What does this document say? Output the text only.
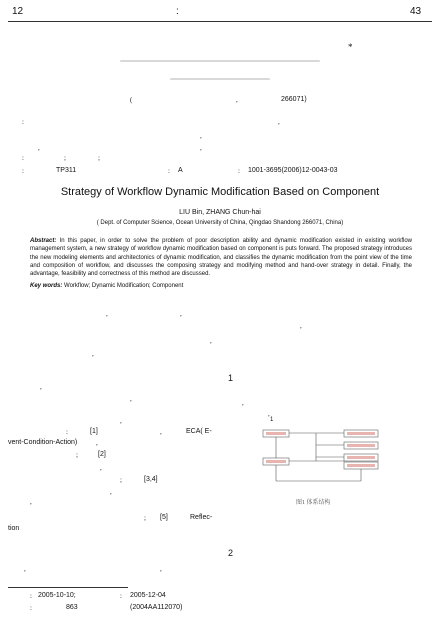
12	:	43
*
(	,	266071)
:	,
,
,	,
:	;	;
:	TP311	: A	: 1001-3695(2006)12-0043-03
Strategy of Workflow Dynamic Modification Based on Component
LIU Bin, ZHANG Chun-hai
( Dept. of Computer Science, Ocean University of China, Qingdao Shandong 266071, China)
Abstract: In this paper, in order to solve the problem of poor description ability and dynamic modification existed in existing workflow management system, a new strategy of workflow dynamic modification based on component is puts forward. The proposed strategy introduces the new modeling elements and architectonics of dynamic modification, and classifies the dynamic modification from the point view of the time and composition of workflow, and discusses the composing strategy and modifying method and hand-over strategy in detail. Finally, the advantage, feasibility and correctness of this method are discussed.
Key words: Workflow; Dynamic Modification; Component
,	,
,
,
,
1
,
,	,
,
,	1
:	[1]	,	ECA( E-
vent-Condition-Action)	,
;	[2]
,
;	[3,4]
,
,
; [5]	Reflec-
tion
2
,	,
图1 体系结构
: 2005-10-10;	: 2005-12-04
:	863	(2004AA112070)
